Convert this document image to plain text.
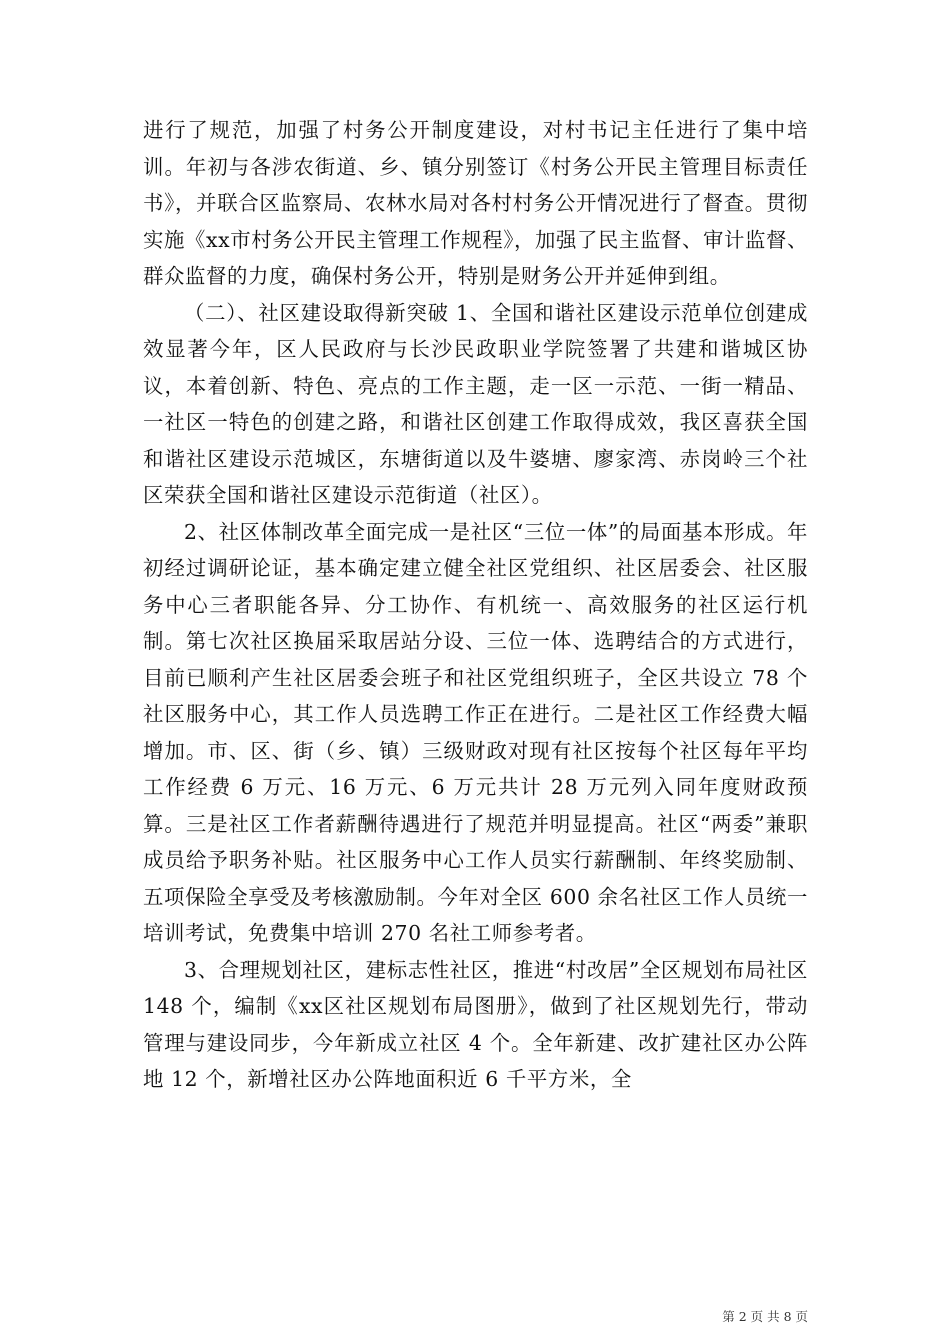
进行了规范，加强了村务公开制度建设，对村书记主任进行了集中培训。年初与各涉农街道、乡、镇分别签订《村务公开民主管理目标责任书》，并联合区监察局、农林水局对各村村务公开情况进行了督查。贯彻实施《xx市村务公开民主管理工作规程》，加强了民主监督、审计监督、群众监督的力度，确保村务公开，特别是财务公开并延伸到组。

（二）、社区建设取得新突破 1、全国和谐社区建设示范单位创建成效显著今年，区人民政府与长沙民政职业学院签署了共建和谐城区协议，本着创新、特色、亮点的工作主题，走一区一示范、一街一精品、一社区一特色的创建之路，和谐社区创建工作取得成效，我区喜获全国和谐社区建设示范城区，东塘街道以及牛婆塘、廖家湾、赤岗岭三个社区荣获全国和谐社区建设示范街道（社区）。

2、社区体制改革全面完成一是社区“三位一体”的局面基本形成。年初经过调研论证，基本确定建立健全社区党组织、社区居委会、社区服务中心三者职能各异、分工协作、有机统一、高效服务的社区运行机制。第七次社区换届采取居站分设、三位一体、选聘结合的方式进行，目前已顺利产生社区居委会班子和社区党组织班子，全区共设立 78 个社区服务中心，其工作人员选聘工作正在进行。二是社区工作经费大幅增加。市、区、街（乡、镇）三级财政对现有社区按每个社区每年平均工作经费 6 万元、16 万元、6 万元共计 28 万元列入同年度财政预算。三是社区工作者薪酬待遇进行了规范并明显提高。社区“两委”兼职成员给予职务补贴。社区服务中心工作人员实行薪酬制、年终奖励制、五项保险全享受及考核激励制。今年对全区 600 余名社区工作人员统一培训考试，免费集中培训 270 名社工师参考者。

3、合理规划社区，建标志性社区，推进“村改居”全区规划布局社区 148 个，编制《xx区社区规划布局图册》，做到了社区规划先行，带动管理与建设同步，今年新成立社区 4 个。全年新建、改扩建社区办公阵地 12 个，新增社区办公阵地面积近 6 千平方米，全

第 2 页 共 8 页
